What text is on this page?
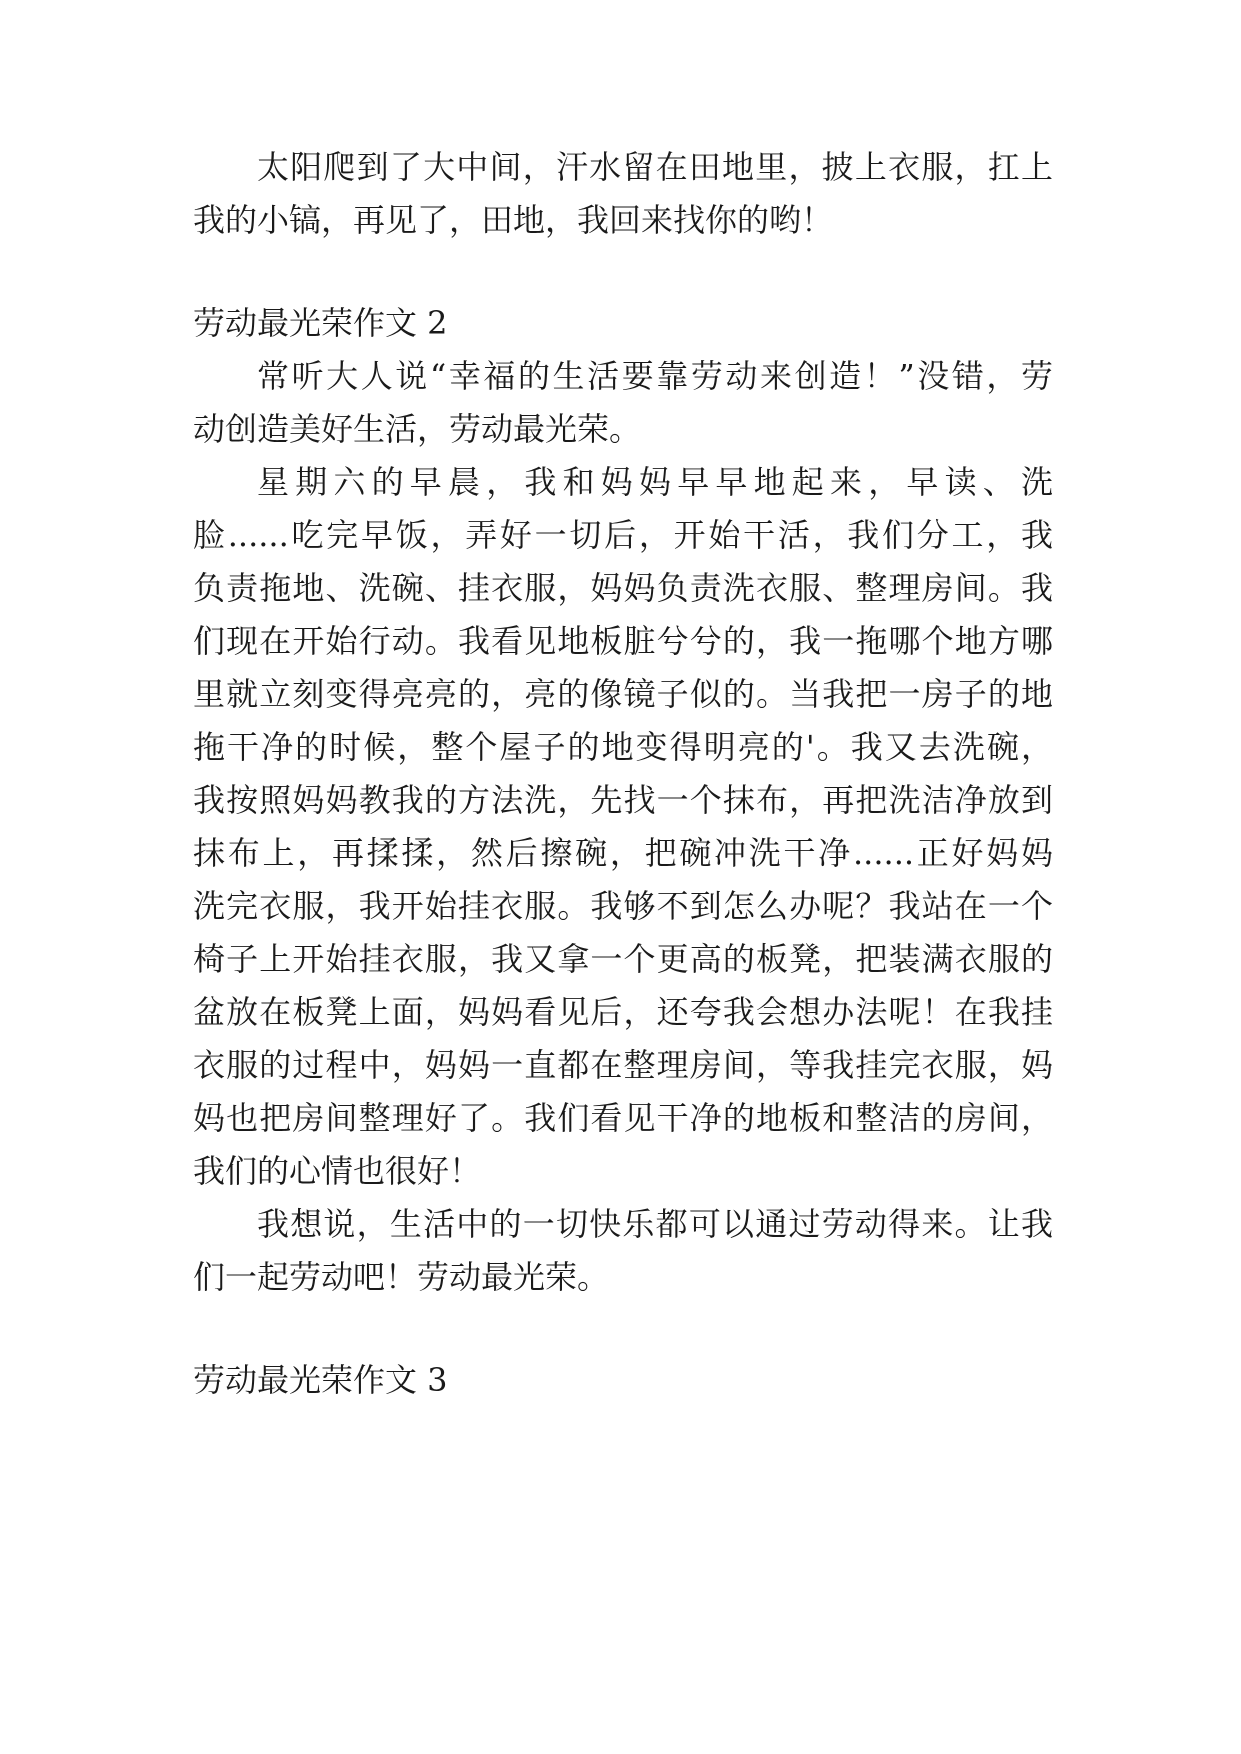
太阳爬到了大中间，汗水留在田地里，披上衣服，扛上
我的小镐，再见了，田地，我回来找你的哟！
劳动最光荣作文 2
常听大人说“幸福的生活要靠劳动来创造！”没错，劳
动创造美好生活，劳动最光荣。
星期六的早晨，我和妈妈早早地起来，早读、洗
脸......吃完早饭，弄好一切后，开始干活，我们分工，我
负责拖地、洗碗、挂衣服，妈妈负责洗衣服、整理房间。我
们现在开始行动。我看见地板脏兮兮的，我一拖哪个地方哪
里就立刻变得亮亮的，亮的像镜子似的。当我把一房子的地
拖干净的时候，整个屋子的地变得明亮的'。我又去洗碗，
我按照妈妈教我的方法洗，先找一个抹布，再把洗洁净放到
抹布上，再揉揉，然后擦碗，把碗冲洗干净......正好妈妈
洗完衣服，我开始挂衣服。我够不到怎么办呢？我站在一个
椅子上开始挂衣服，我又拿一个更高的板凳，把装满衣服的
盆放在板凳上面，妈妈看见后，还夸我会想办法呢！在我挂
衣服的过程中，妈妈一直都在整理房间，等我挂完衣服，妈
妈也把房间整理好了。我们看见干净的地板和整洁的房间，
我们的心情也很好！
我想说，生活中的一切快乐都可以通过劳动得来。让我
们一起劳动吧！劳动最光荣。
劳动最光荣作文 3
